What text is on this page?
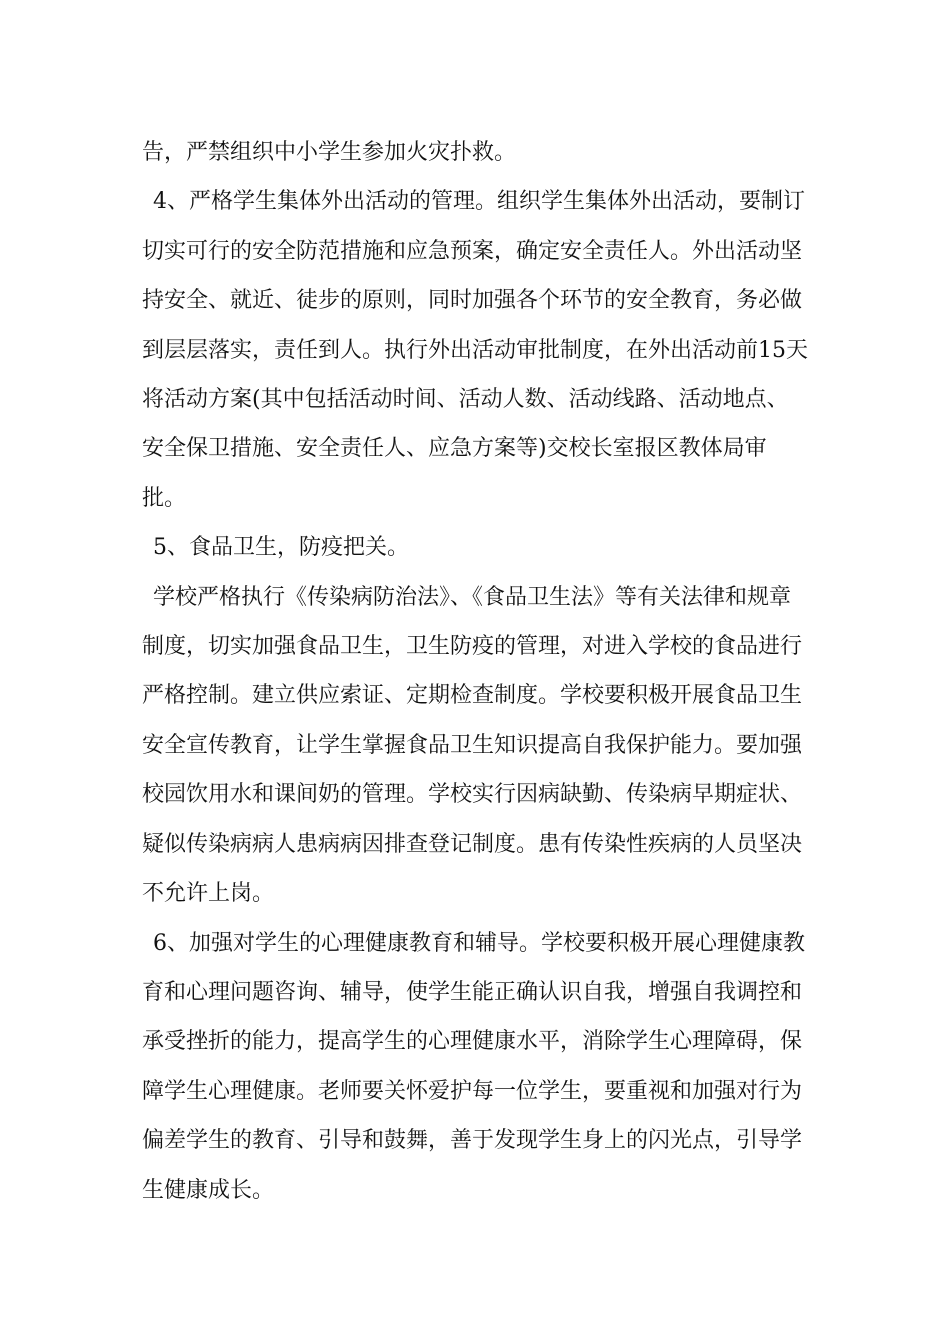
告，严禁组织中小学生参加火灾扑救。

4、严格学生集体外出活动的管理。组织学生集体外出活动，要制订切实可行的安全防范措施和应急预案，确定安全责任人。外出活动坚持安全、就近、徒步的原则，同时加强各个环节的安全教育，务必做到层层落实，责任到人。执行外出活动审批制度，在外出活动前15天将活动方案(其中包括活动时间、活动人数、活动线路、活动地点、安全保卫措施、安全责任人、应急方案等)交校长室报区教体局审批。

5、食品卫生，防疫把关。

学校严格执行《传染病防治法》、《食品卫生法》等有关法律和规章制度，切实加强食品卫生，卫生防疫的管理，对进入学校的食品进行严格控制。建立供应索证、定期检查制度。学校要积极开展食品卫生安全宣传教育，让学生掌握食品卫生知识提高自我保护能力。要加强校园饮用水和课间奶的管理。学校实行因病缺勤、传染病早期症状、疑似传染病病人患病病因排查登记制度。患有传染性疾病的人员坚决不允许上岗。

6、加强对学生的心理健康教育和辅导。学校要积极开展心理健康教育和心理问题咨询、辅导，使学生能正确认识自我，增强自我调控和承受挫折的能力，提高学生的心理健康水平，消除学生心理障碍，保障学生心理健康。老师要关怀爱护每一位学生，要重视和加强对行为偏差学生的教育、引导和鼓舞，善于发现学生身上的闪光点，引导学生健康成长。
